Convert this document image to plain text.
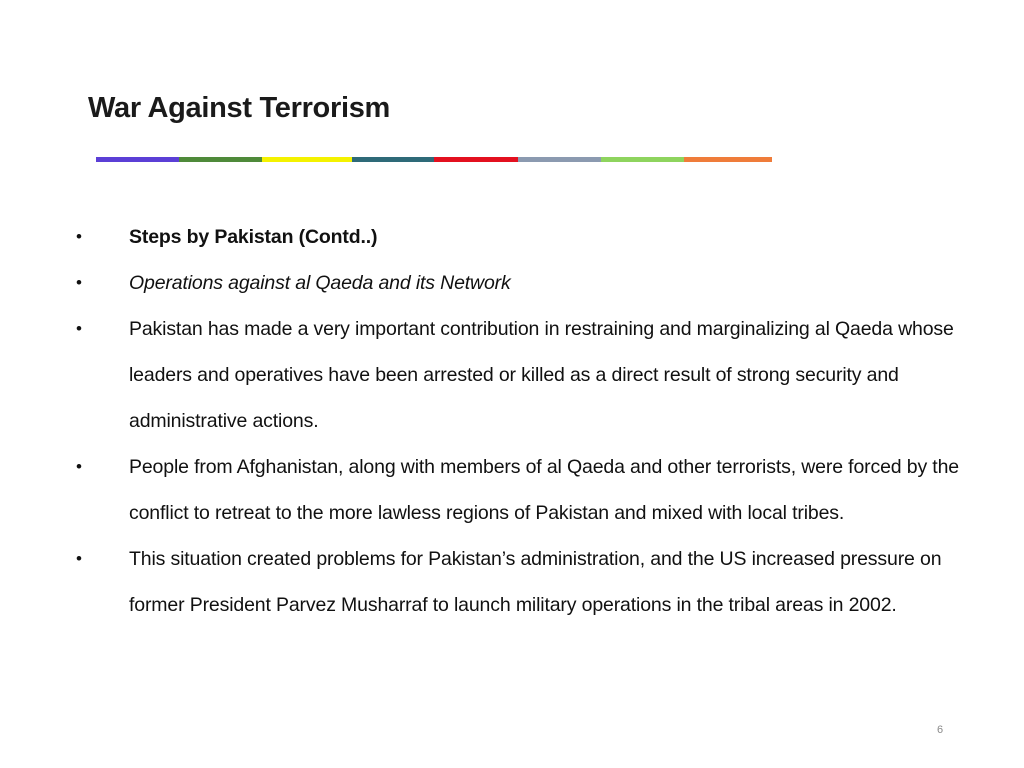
War Against Terrorism
• Steps by Pakistan (Contd..)
• Operations against al Qaeda and its Network
• Pakistan has made a very important contribution in restraining and marginalizing al Qaeda whose leaders and operatives have been arrested or killed as a direct result of strong security and administrative actions.
• People from Afghanistan, along with members of al Qaeda and other terrorists, were forced by the conflict to retreat to the more lawless regions of Pakistan and mixed with local tribes.
• This situation created problems for Pakistan’s administration, and the US increased pressure on former President Parvez Musharraf to launch military operations in the tribal areas in 2002.
6
